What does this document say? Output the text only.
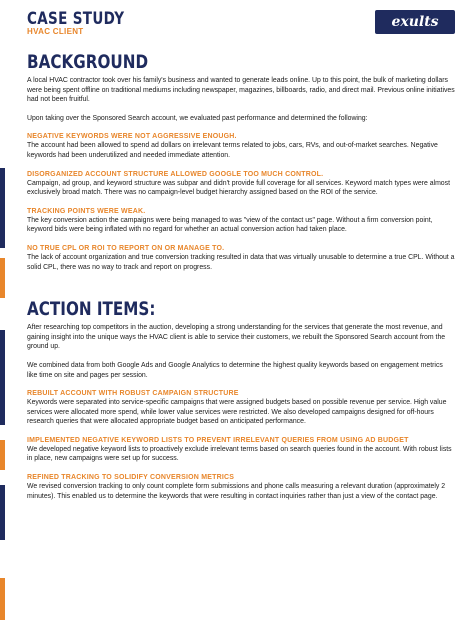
CASE STUDY
HVAC CLIENT
exults
BACKGROUND

A local HVAC contractor took over his family's business and wanted to generate leads online. Up to this point, the bulk of marketing dollars were being spent offline on traditional mediums including newspaper, magazines, billboards, radio, and direct mail. Previous online initiatives had not been fruitful.

Upon taking over the Sponsored Search account, we evaluated past performance and determined the following:

NEGATIVE KEYWORDS WERE NOT AGGRESSIVE ENOUGH.

The account had been allowed to spend ad dollars on irrelevant terms related to jobs, cars, RVs, and out-of-market searches. Negative keywords had been underutilized and needed immediate attention.

DISORGANIZED ACCOUNT STRUCTURE ALLOWED GOOGLE TOO MUCH CONTROL.

Campaign, ad group, and keyword structure was subpar and didn't provide full coverage for all services. Keyword match types were almost exclusively broad match. There was no campaign-level budget hierarchy assigned based on the ROI of the service.

TRACKING POINTS WERE WEAK.

The key conversion action the campaigns were being managed to was "view of the contact us" page. Without a firm conversion point, keyword bids were being inflated with no regard for whether an actual conversion action had taken place.

NO TRUE CPL OR ROI TO REPORT ON OR MANAGE TO.

The lack of account organization and true conversion tracking resulted in data that was virtually unusable to determine a true CPL. Without a solid CPL, there was no way to track and report on progress.

ACTION ITEMS:

After researching top competitors in the auction, developing a strong understanding for the services that generate the most revenue, and gaining insight into the unique ways the HVAC client is able to service their customers, we rebuilt the Sponsored Search account from the ground up.

We combined data from both Google Ads and Google Analytics to determine the highest quality keywords based on engagement metrics like time on site and pages per session.

REBUILT ACCOUNT WITH ROBUST CAMPAIGN STRUCTURE

Keywords were separated into service-specific campaigns that were assigned budgets based on possible revenue per service. High value services were allocated more spend, while lower value services were restricted. We also developed campaigns designed for off-hours research queries that were allocated appropriate budget based on anticipated performance.

IMPLEMENTED NEGATIVE KEYWORD LISTS TO PREVENT IRRELEVANT QUERIES FROM USING AD BUDGET

We developed negative keyword lists to proactively exclude irrelevant terms based on search queries found in the account. With robust lists in place, new campaigns were set up for success.

REFINED TRACKING TO SOLIDIFY CONVERSION METRICS

We revised conversion tracking to only count complete form submissions and phone calls measuring a relevant duration (approximately 2 minutes). This enabled us to determine the keywords that were resulting in contact inquiries rather than just a view of the contact page.
